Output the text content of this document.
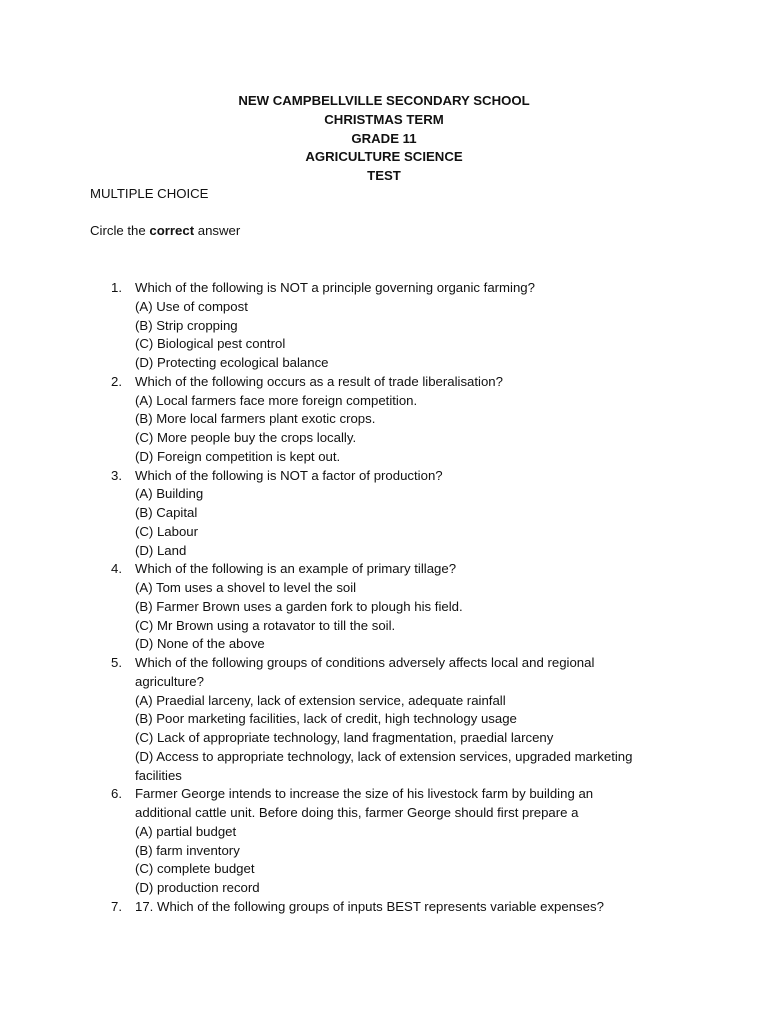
NEW CAMPBELLVILLE SECONDARY SCHOOL
CHRISTMAS TERM
GRADE 11
AGRICULTURE SCIENCE
TEST
MULTIPLE CHOICE
Circle the correct answer
1. Which of the following is NOT a principle governing organic farming?
(A) Use of compost
(B) Strip cropping
(C) Biological pest control
(D) Protecting ecological balance
2. Which of the following occurs as a result of trade liberalisation?
(A) Local farmers face more foreign competition.
(B) More local farmers plant exotic crops.
(C) More people buy the crops locally.
(D) Foreign competition is kept out.
3. Which of the following is NOT a factor of production?
(A) Building
(B) Capital
(C) Labour
(D) Land
4. Which of the following is an example of primary tillage?
(A) Tom uses a shovel to level the soil
(B) Farmer Brown uses a garden fork to plough his field.
(C) Mr Brown using a rotavator to till the soil.
(D) None of the above
5. Which of the following groups of conditions adversely affects local and regional agriculture?
(A) Praedial larceny, lack of extension service, adequate rainfall
(B) Poor marketing facilities, lack of credit, high technology usage
(C) Lack of appropriate technology, land fragmentation, praedial larceny
(D) Access to appropriate technology, lack of extension services, upgraded marketing facilities
6. Farmer George intends to increase the size of his livestock farm by building an additional cattle unit. Before doing this, farmer George should first prepare a
(A) partial budget
(B) farm inventory
(C) complete budget
(D) production record
7. 17. Which of the following groups of inputs BEST represents variable expenses?
